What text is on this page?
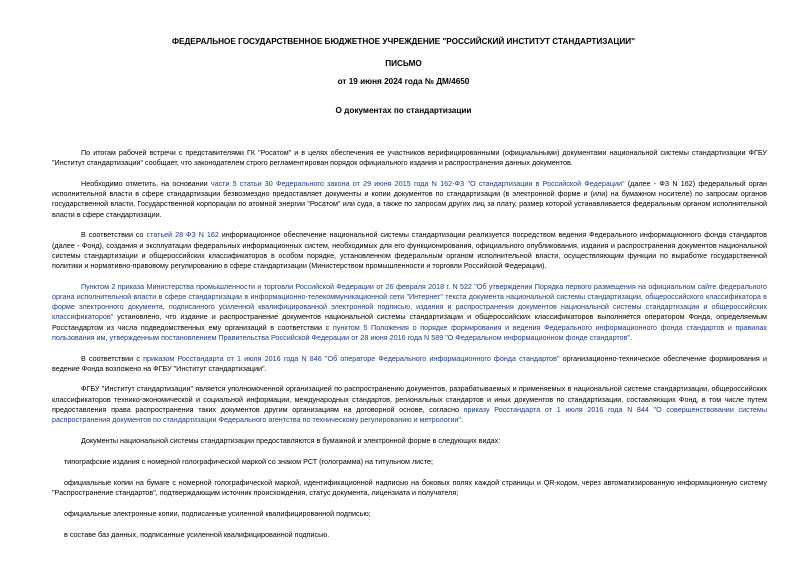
ФЕДЕРАЛЬНОЕ ГОСУДАРСТВЕННОЕ БЮДЖЕТНОЕ УЧРЕЖДЕНИЕ "РОССИЙСКИЙ ИНСТИТУТ СТАНДАРТИЗАЦИИ"
ПИСЬМО
от 19 июня 2024 года № ДМ/4650
О документах по стандартизации

По итогам рабочей встречи с представителями ГК "Росатом" и в целях обеспечения ее участников верифицированными (официальными) документами национальной системы стандартизации ФГБУ "Институт стандартизации" сообщает, что законодателем строго регламентирован порядок официального издания и распространения данных документов.

Необходимо отметить, на основании части 5 статьи 30 Федерального закона от 29 июня 2015 года N 162-ФЗ "О стандартизации в Российской Федерации" (далее - ФЗ N 162) федеральный орган исполнительной власти в сфере стандартизации безвозмездно предоставляет документы и копии документов по стандартизации (в электронной форме и (или) на бумажном носителе) по запросам органов государственной власти, Государственной корпорации по атомной энергии "Росатом" или суда, а также по запросам других лиц за плату, размер которой устанавливается федеральным органом исполнительной власти в сфере стандартизации.

В соответствии со статьей 28 ФЗ N 162 информационное обеспечение национальной системы стандартизации реализуется посредством ведения Федерального информационного фонда стандартов (далее - Фонд), создания и эксплуатации федеральных информационных систем, необходимых для его функционирования, официального опубликования, издания и распространения документов национальной системы стандартизации и общероссийских классификаторов в особом порядке, установленном федеральным органом исполнительной власти, осуществляющим функции по выработке государственной политики и нормативно-правовому регулированию в сфере стандартизации (Министерством промышленности и торговли Российской Федерации).

Пунктом 2 приказа Министерства промышленности и торговли Российской Федерации от 26 февраля 2018 г. N 522 "Об утверждении Порядка первого размещения на официальном сайте федерального органа исполнительной власти в сфере стандартизации в информационно-телекоммуникационной сети "Интернет" текста документа национальной системы стандартизации, общероссийского классификатора в форме электронного документа, подписанного усиленной квалифицированной электронной подписью, издания и распространения документов национальной системы стандартизации и общероссийских классификаторов" установлено, что издание и распространение документов национальной системы стандартизации и общероссийских классификаторов выполняется оператором Фонда, определяемым Росстандартом из числа подведомственных ему организаций в соответствии с пунктом 5 Положения о порядке формирования и ведения Федерального информационного фонда стандартов и правилах пользования им, утвержденным постановлением Правительства Российской Федерации от 28 июня 2016 года N 589 "О Федеральном информационном фонде стандартов".

В соответствии с приказом Росстандарта от 1 июля 2016 года N 846 "Об операторе Федерального информационного фонда стандартов" организационно-техническое обеспечение формирования и ведение Фонда возложено на ФГБУ "Институт стандартизации".

ФГБУ "Институт стандартизации" является уполномоченной организацией по распространению документов, разрабатываемых и применяемых в национальной системе стандартизации, общероссийских классификаторов технико-экономической и социальной информации, международных стандартов, региональных стандартов и иных документов по стандартизации, составляющих Фонд, в том числе путем предоставления права распространения таких документов другим организациям на договорной основе, согласно приказу Росстандарта от 1 июля 2016 года N 844 "О совершенствовании системы распространения документов по стандартизации Федерального агентства по техническому регулированию и метрологии".

Документы национальной системы стандартизации предоставляются в бумажной и электронной форме в следующих видах:

типографские издания с номерной голографической маркой со знаком РСТ (голограмма) на титульном листе;

официальные копии на бумаге с номерной голографической маркой, идентификационной надписью на боковых полях каждой страницы и QR-кодом, через автоматизированную информационную систему "Распространение стандартов", подтверждающим источник происхождения, статус документа, лицензиата и получателя;

официальные электронные копии, подписанные усиленной квалифицированной подписью;

в составе баз данных, подписанные усиленной квалифицированной подписью.
